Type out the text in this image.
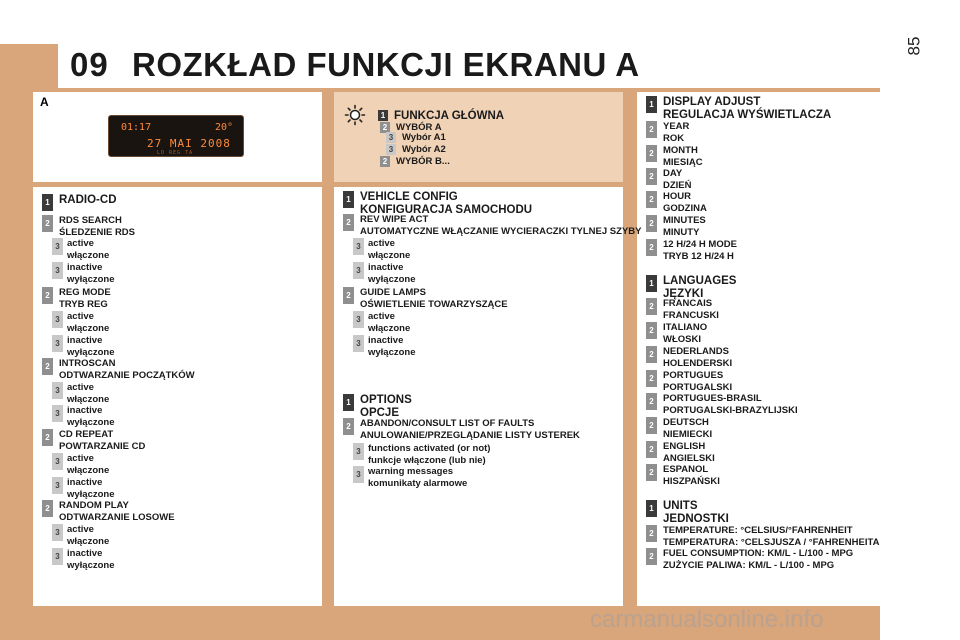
09 ROZKŁAD FUNKCJI EKRANU A	85
A
01:17	20°
27 MAI 2008
LD REG TA
1 FUNKCJA GŁÓWNA
2 WYBÓR A
3 Wybór A1
3 Wybór A2
2 WYBÓR B...
1 RADIO-CD
2 RDS SEARCH
ŚLEDZENIE RDS
3 active
włączone
3 inactive
wyłączone
2 REG MODE
TRYB REG
3 active
włączone
3 inactive
wyłączone
2 INTROSCAN
ODTWARZANIE POCZĄTKÓW
3 active
włączone
3 inactive
wyłączone
2 CD REPEAT
POWTARZANIE CD
3 active
włączone
3 inactive
wyłączone
2 RANDOM PLAY
ODTWARZANIE LOSOWE
3 active
włączone
3 inactive
wyłączone
1 VEHICLE CONFIG
KONFIGURACJA SAMOCHODU
2 REV WIPE ACT
AUTOMATYCZNE WŁĄCZANIE WYCIERACZKI TYLNEJ SZYBY
3 active
włączone
3 inactive
wyłączone
2 GUIDE LAMPS
OŚWIETLENIE TOWARZYSZĄCE
3 active
włączone
3 inactive
wyłączone
1 OPTIONS
OPCJE
2 ABANDON/CONSULT LIST OF FAULTS
ANULOWANIE/PRZEGLĄDANIE LISTY USTEREK
3 functions activated (or not)
funkcje włączone (lub nie)
3 warning messages
komunikaty alarmowe
1 DISPLAY ADJUST
REGULACJA WYŚWIETLACZA
2 YEAR
ROK
2 MONTH
MIESIĄC
2 DAY
DZIEŃ
2 HOUR
GODZINA
2 MINUTES
MINUTY
2 12 H/24 H MODE
TRYB 12 H/24 H
1 LANGUAGES
JĘZYKI
2 FRANCAIS
FRANCUSKI
2 ITALIANO
WŁOSKI
2 NEDERLANDS
HOLENDERSKI
2 PORTUGUES
PORTUGALSKI
2 PORTUGUES-BRASIL
PORTUGALSKI-BRAZYLIJSKI
2 DEUTSCH
NIEMIECKI
2 ENGLISH
ANGIELSKI
2 ESPANOL
HISZPAŃSKI
1 UNITS
JEDNOSTKI
2 TEMPERATURE: °CELSIUS/°FAHRENHEIT
TEMPERATURA: °CELSJUSZA / °FAHRENHEITA
2 FUEL CONSUMPTION: KM/L - L/100 - MPG
ZUŻYCIE PALIWA: KM/L - L/100 - MPG
carmanualsonline.info
